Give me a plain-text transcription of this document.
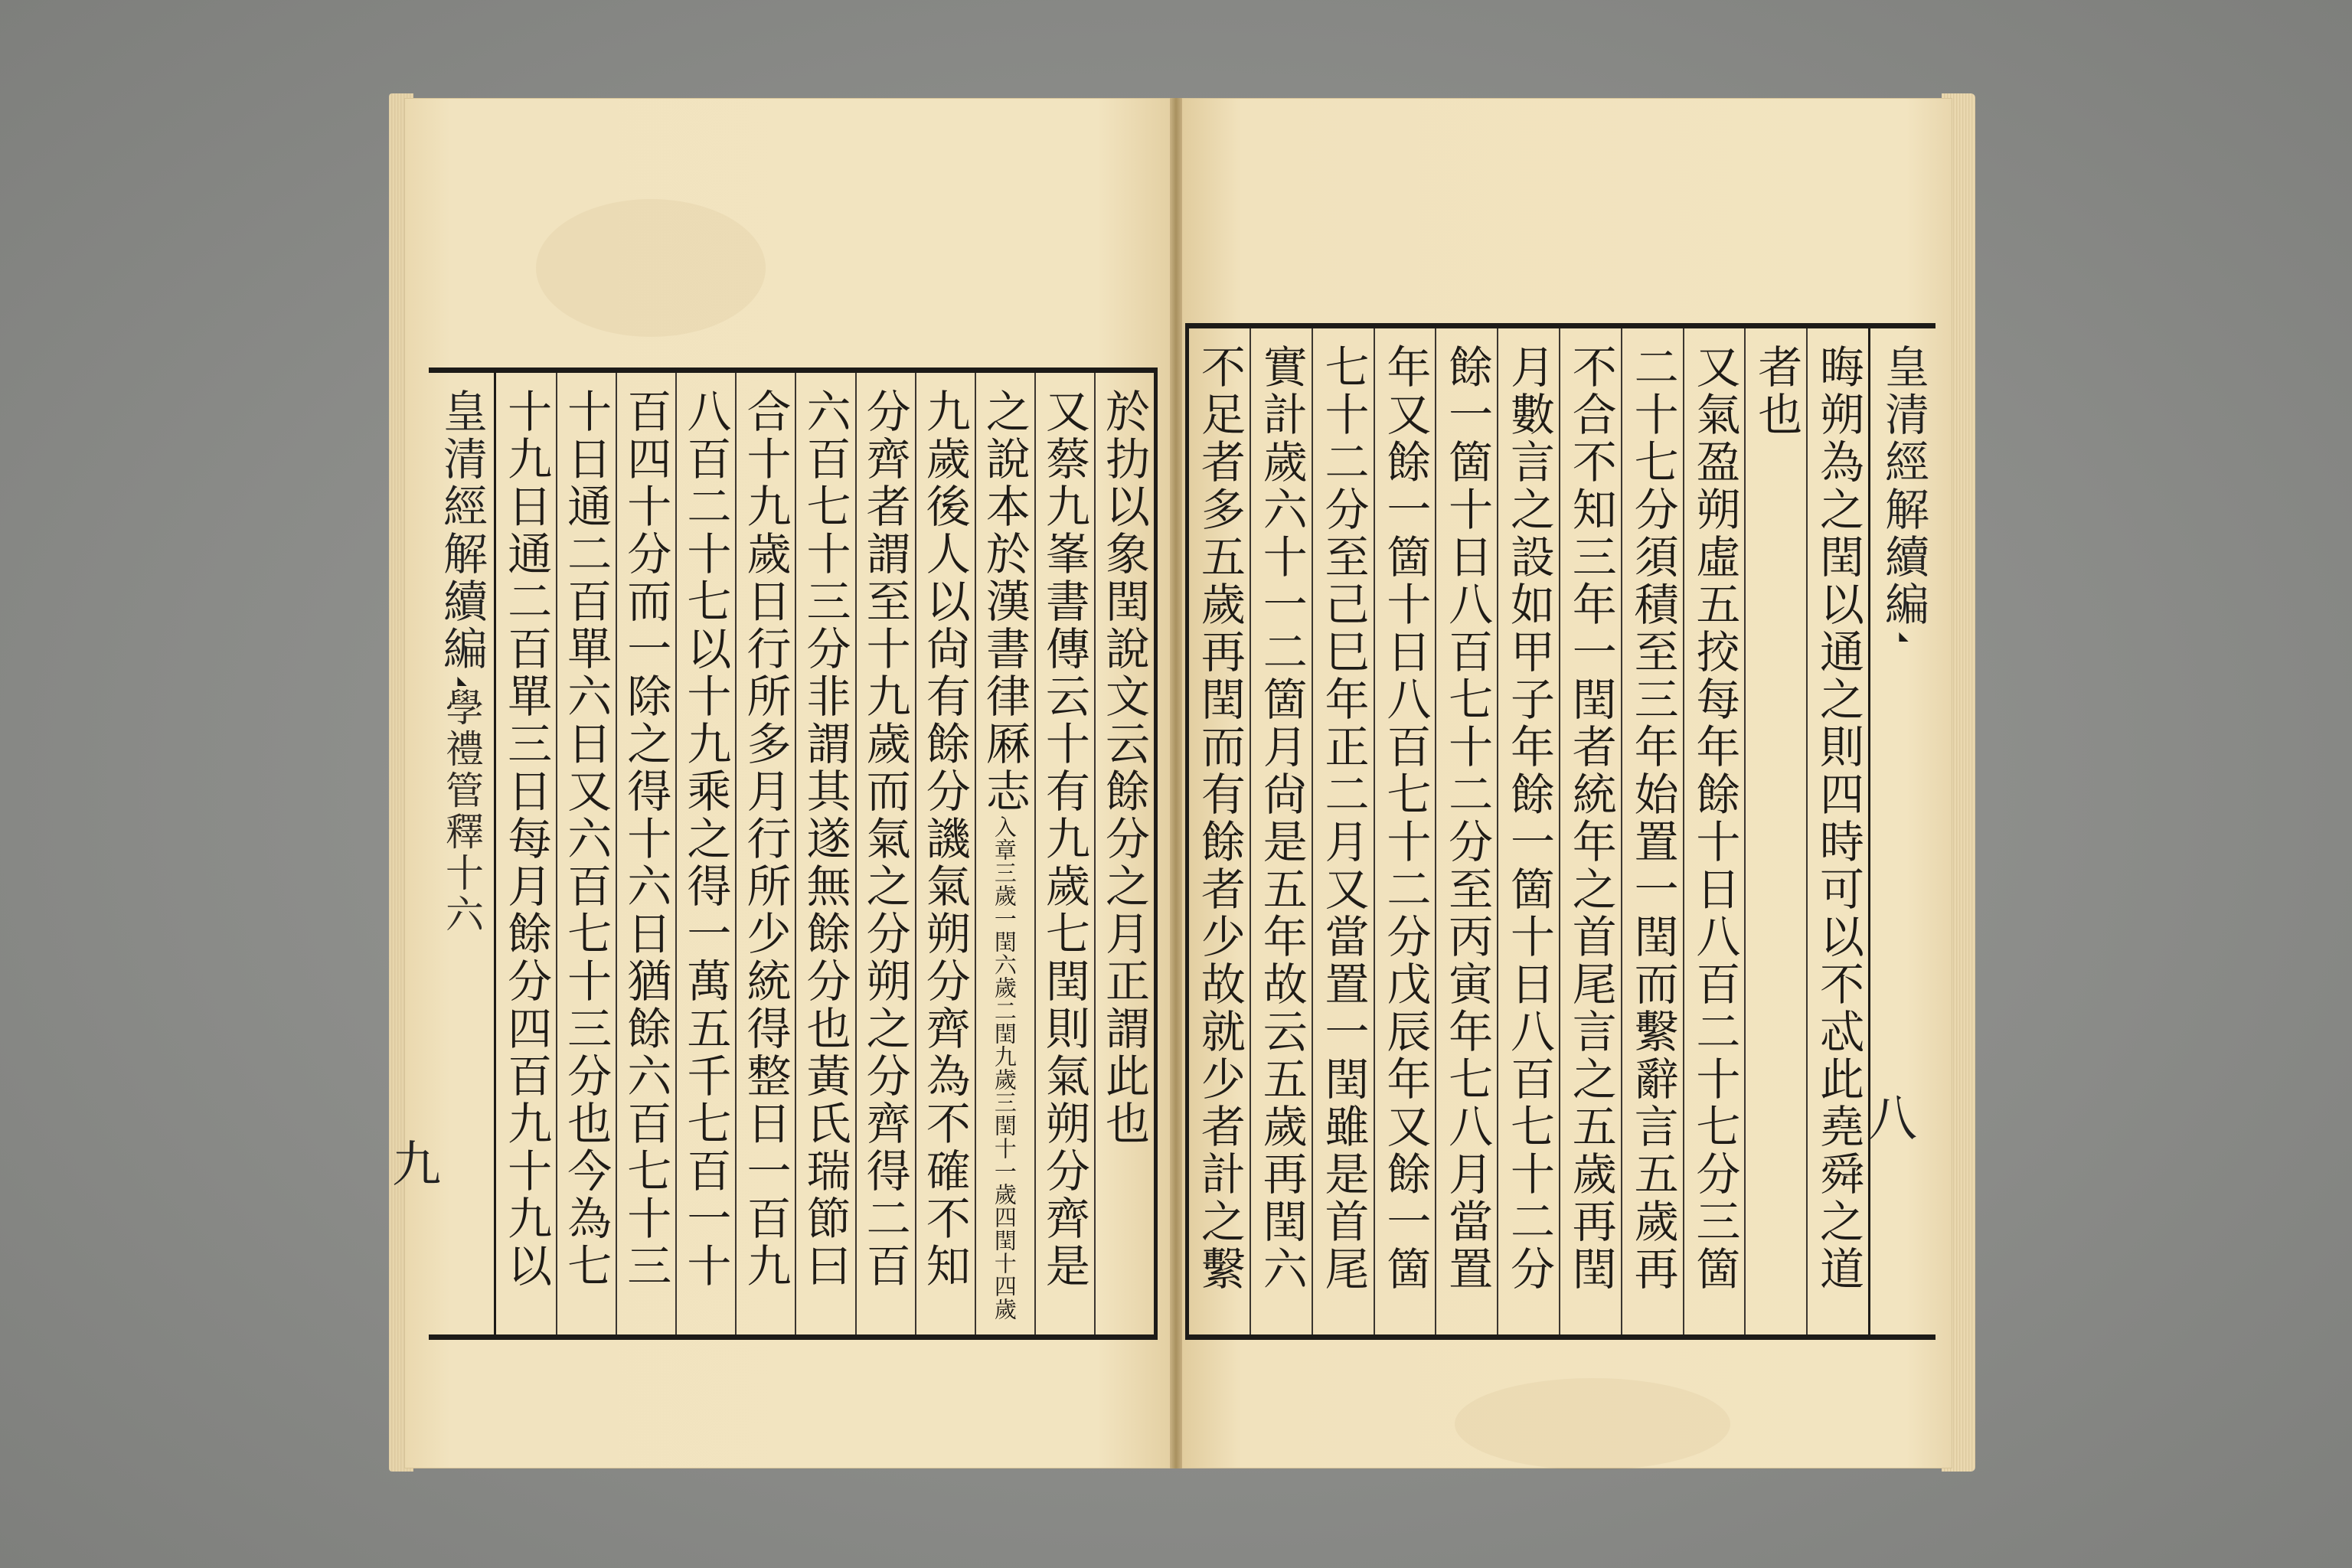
皇清經解續編◣學禮管釋十六	於扐以象閏說文云餘分之月正謂此也
又蔡九峯書傳云十有九歲七閏則氣朔分齊是
之說本於漢書律厤志入章三歲一閏六歲二閏九歲三閏十一歲四閏十四歲
九歲後人以尙有餘分譏氣朔分齊為不確不知
分齊者謂至十九歲而氣之分朔之分齊得二百
六百七十三分非謂其遂無餘分也黃氏瑞節曰
合十九歲日行所多月行所少統得整日一百九
八百二十七以十九乘之得一萬五千七百一十
百四十分而一除之得十六日猶餘六百七十三
十日通二百單六日又六百七十三分也今為七
十九日通二百單三日每月餘分四百九十九以
九
晦朔為之閏以通之則四時可以不忒此堯舜之道
者也
又氣盈朔虛五挍每年餘十日八百二十七分三箇
二十七分須積至三年始置一閏而繫辭言五歲再
不合不知三年一閏者統年之首尾言之五歲再閏
月數言之設如甲子年餘一箇十日八百七十二分
餘一箇十日八百七十二分至丙寅年七八月當置
年又餘一箇十日八百七十二分戊辰年又餘一箇
七十二分至己巳年正二月又當置一閏雖是首尾
實計歲六十一二箇月尙是五年故云五歲再閏六
不足者多五歲再閏而有餘者少故就少者計之繫
皇清經解續編◣
八
